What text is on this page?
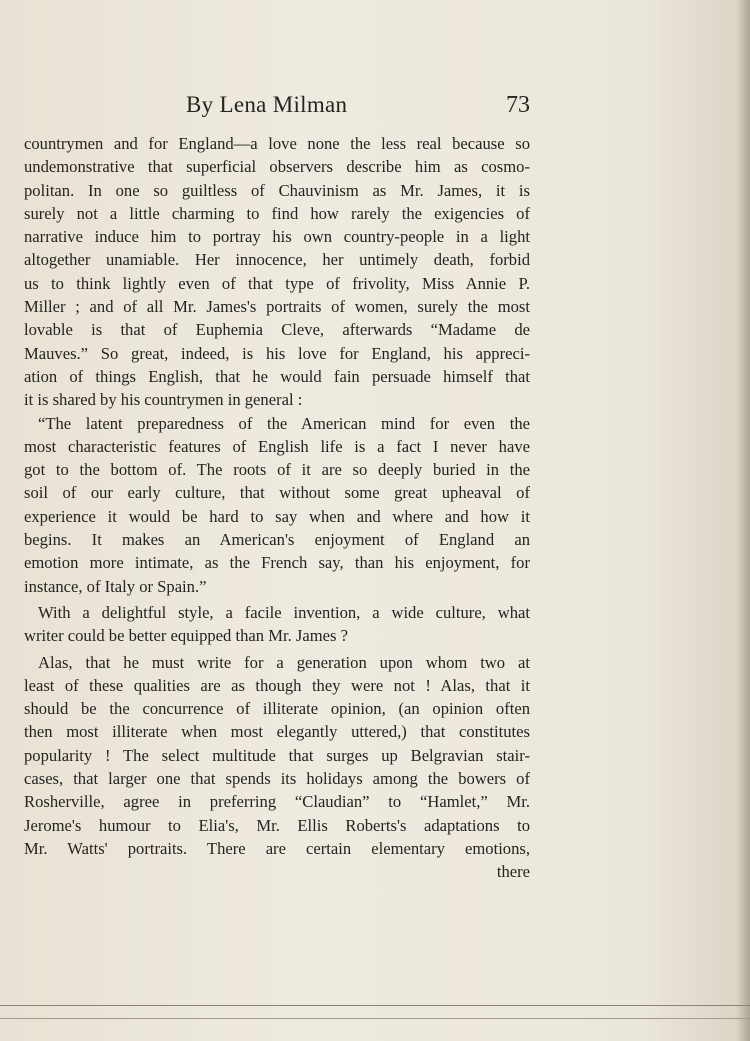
By Lena Milman	73
countrymen and for England—a love none the less real because so
undemonstrative that superficial observers describe him as cosmo-
politan. In one so guiltless of Chauvinism as Mr. James, it is
surely not a little charming to find how rarely the exigencies of
narrative induce him to portray his own country-people in a light
altogether unamiable. Her innocence, her untimely death, forbid
us to think lightly even of that type of frivolity, Miss Annie P.
Miller ; and of all Mr. James's portraits of women, surely the most
lovable is that of Euphemia Cleve, afterwards “Madame de
Mauves.” So great, indeed, is his love for England, his appreci-
ation of things English, that he would fain persuade himself that
it is shared by his countrymen in general :
“The latent preparedness of the American mind for even the
most characteristic features of English life is a fact I never have
got to the bottom of. The roots of it are so deeply buried in the
soil of our early culture, that without some great upheaval of
experience it would be hard to say when and where and how it
begins. It makes an American's enjoyment of England an
emotion more intimate, as the French say, than his enjoyment, for
instance, of Italy or Spain.”
With a delightful style, a facile invention, a wide culture, what
writer could be better equipped than Mr. James ?
Alas, that he must write for a generation upon whom two at
least of these qualities are as though they were not ! Alas, that it
should be the concurrence of illiterate opinion, (an opinion often
then most illiterate when most elegantly uttered,) that constitutes
popularity ! The select multitude that surges up Belgravian stair-
cases, that larger one that spends its holidays among the bowers of
Rosherville, agree in preferring “Claudian” to “Hamlet,” Mr.
Jerome's humour to Elia's, Mr. Ellis Roberts's adaptations to
Mr. Watts' portraits. There are certain elementary emotions,
there
